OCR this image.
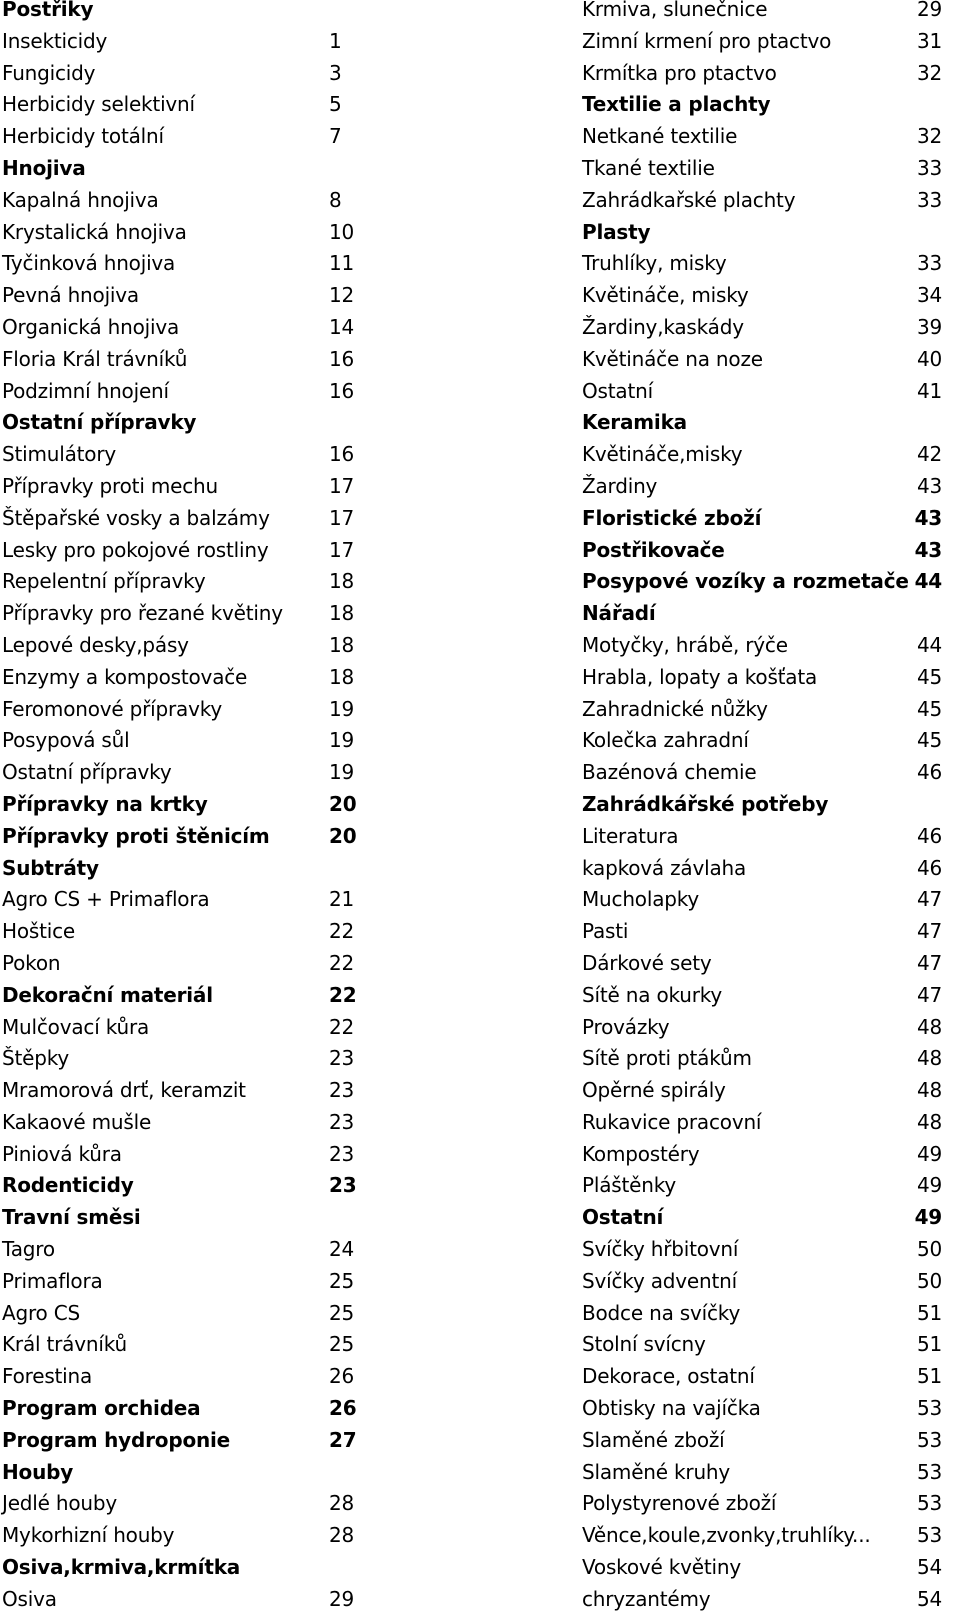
Postřiky
Insekticidy	1
Fungicidy	3
Herbicidy selektivní	5
Herbicidy totální	7
Hnojiva
Kapalná hnojiva	8
Krystalická hnojiva	10
Tyčinková hnojiva	11
Pevná hnojiva	12
Organická hnojiva	14
Floria Král trávníků	16
Podzimní hnojení	16
Ostatní přípravky
Stimulátory	16
Přípravky proti mechu	17
Štěpařské vosky a balzámy	17
Lesky pro pokojové rostliny	17
Repelentní přípravky	18
Přípravky pro řezané květiny 18
Lepové desky,pásy	18
Enzymy a kompostovače	18
Feromonové přípravky	19
Posypová sůl	19
Ostatní přípravky	19
Přípravky na krtky	20
Přípravky proti štěnicím	20
Subtráty
Agro CS + Primaflora	21
Hoštice	22
Pokon	22
Dekorační materiál	22
Mulčovací kůra	22
Štěpky	23
Mramorová drť, keramzit	23
Kakaové mušle	23
Piniová kůra	23
Rodenticidy	23
Travní směsi
Tagro	24
Primaflora	25
Agro CS	25
Král trávníků	25
Forestina	26
Program orchidea	26
Program hydroponie	27
Houby
Jedlé houby	28
Mykorhizní houby	28
Osiva,krmiva,krmítka
Osiva	29
Krmiva, slunečnice	29
Zimní krmení pro ptactvo	31
Krmítka pro ptactvo	32
Textilie a plachty
Netkané textilie	32
Tkané textilie	33
Zahrádkařské plachty	33
Plasty
Truhlíky, misky	33
Květináče, misky	34
Žardiny,kaskády	39
Květináče na noze	40
Ostatní	41
Keramika
Květináče,misky	42
Žardiny	43
Floristické zboží	43
Postřikovače	43
Posypové vozíky a rozmetače 44
Nářadí
Motyčky, hrábě, rýče	44
Hrabla, lopaty a košťata	45
Zahradnické nůžky	45
Kolečka zahradní	45
Bazénová chemie	46
Zahrádkářské potřeby
Literatura	46
kapková závlaha	46
Mucholapky	47
Pasti	47
Dárkové sety	47
Sítě na okurky	47
Provázky	48
Sítě proti ptákům	48
Opěrné spirály	48
Rukavice pracovní	48
Kompostéry	49
Pláštěnky	49
Ostatní	49
Svíčky hřbitovní	50
Svíčky adventní	50
Bodce na svíčky	51
Stolní svícny	51
Dekorace, ostatní	51
Obtisky na vajíčka	53
Slaměné zboží	53
Slaměné kruhy	53
Polystyrenové zboží	53
Věnce,koule,zvonky,truhlíky... 53
Voskové květiny	54
chryzantémy	54
